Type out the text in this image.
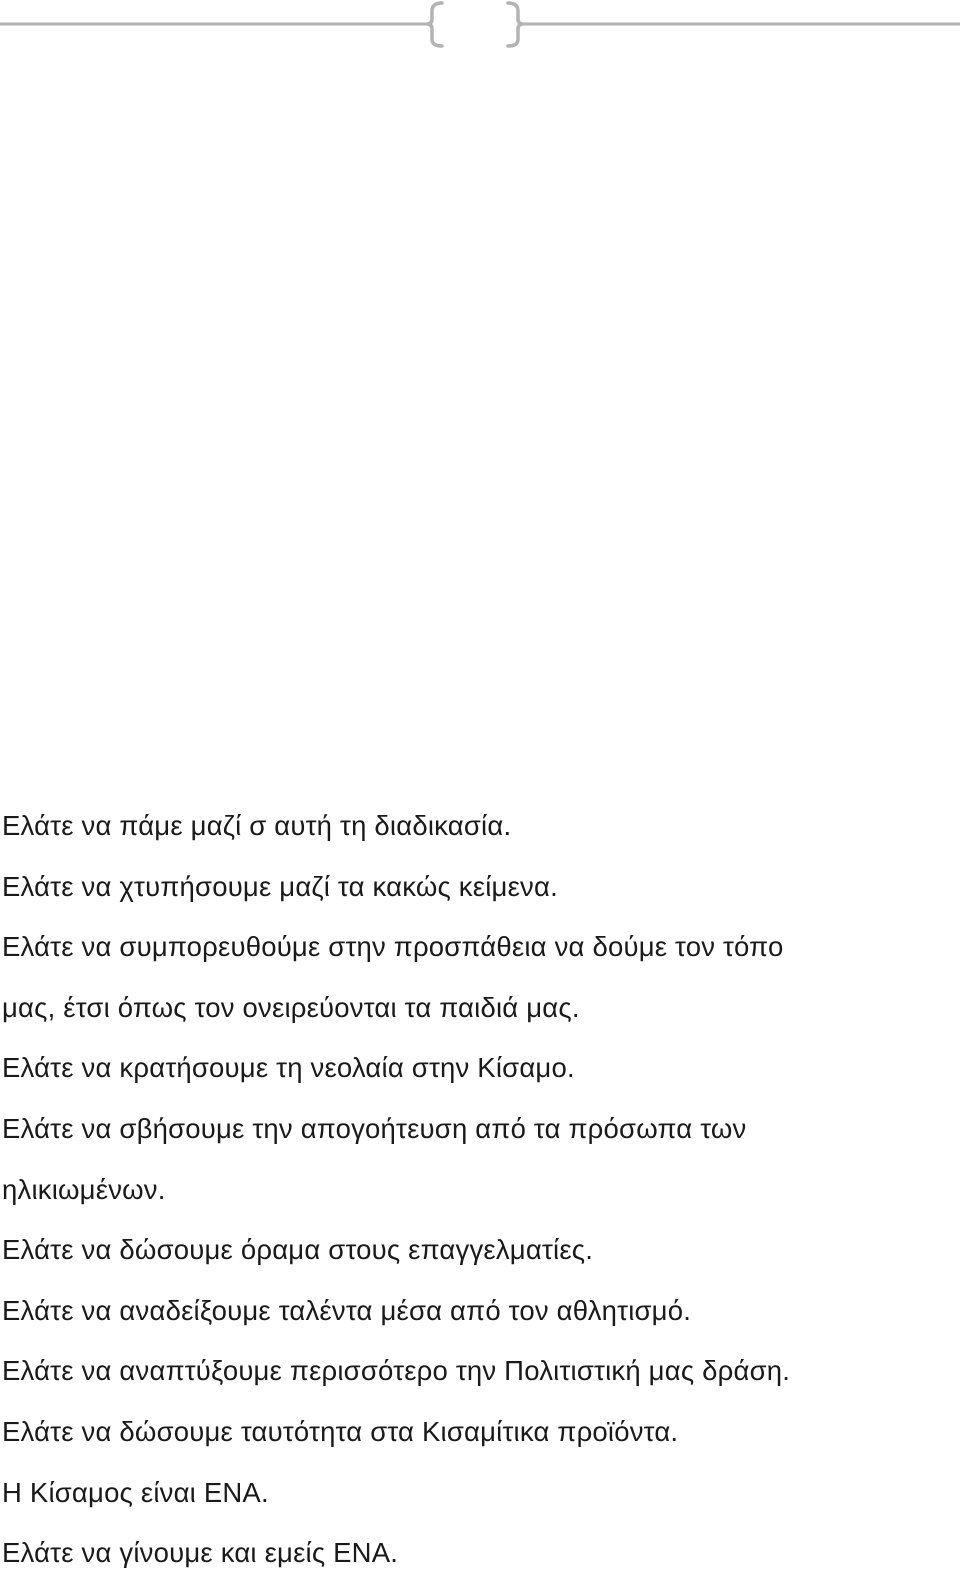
Ελάτε να πάμε μαζί σ αυτή τη διαδικασία.

Ελάτε να χτυπήσουμε μαζί τα κακώς κείμενα.

Ελάτε να συμπορευθούμε στην προσπάθεια να δούμε τον τόπο

μας, έτσι όπως τον ονειρεύονται τα παιδιά μας.

Ελάτε να κρατήσουμε τη νεολαία στην Κίσαμο.

Ελάτε να σβήσουμε την απογοήτευση από τα πρόσωπα των

ηλικιωμένων.

Ελάτε να δώσουμε όραμα στους επαγγελματίες.

Ελάτε να αναδείξουμε ταλέντα μέσα από τον αθλητισμό.

Ελάτε να αναπτύξουμε περισσότερο την Πολιτιστική μας δράση.

Ελάτε να δώσουμε ταυτότητα στα Κισαμίτικα προϊόντα.

Η Κίσαμος είναι ΕΝΑ.

Ελάτε να γίνουμε και εμείς ΕΝΑ.
